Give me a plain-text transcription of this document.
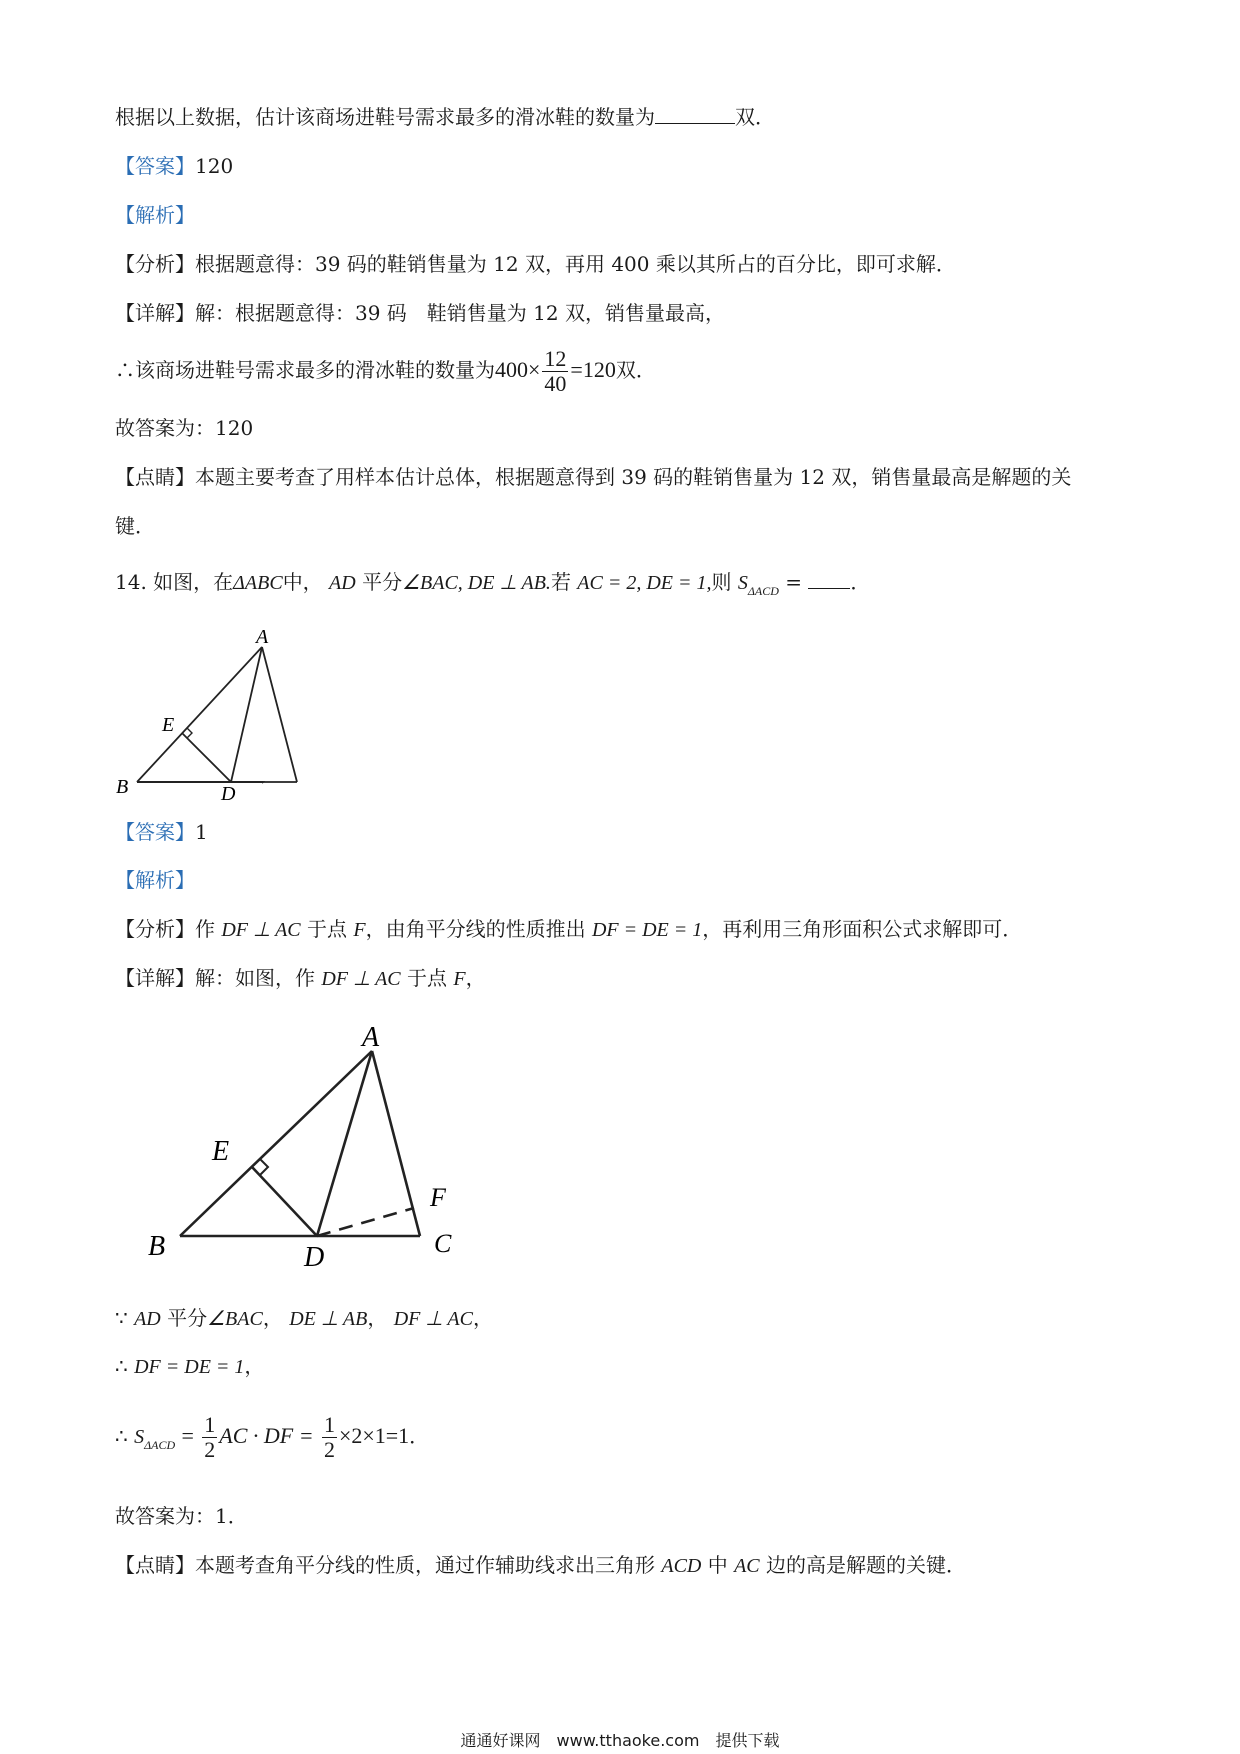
根据以上数据，估计该商场进鞋号需求最多的滑冰鞋的数量为	双．
【答案】120
【解析】
【分析】根据题意得：39 码的鞋销售量为 12 双，再用 400 乘以其所占的百分比，即可求解．
【详解】解：根据题意得：39 码　鞋销售量为 12 双，销售量最高，
∴该商场进鞋号需求最多的滑冰鞋的数量为$400\times \frac{12}{40} =120$双．
故答案为：120
【点睛】本题主要考查了用样本估计总体，根据题意得到 39 码的鞋销售量为 12 双，销售量最高是解题的关
键．
14. 如图，在ΔABC中， AD 平分∠BAC, DE ⊥ AB.若 AC = 2, DE = 1,则 $S_{\Delta ACD}$ = ．
A
B	D
E
【答案】1
【解析】
【分析】作 DF ⊥ AC 于点 F，由角平分线的性质推出 DF = DE = 1，再利用三角形面积公式求解即可．
【详解】解：如图，作 DF ⊥ AC 于点 F，
A
B	C
D
E
F
∵ AD 平分∠BAC， DE ⊥ AB， DF ⊥ AC，
∴ DF = DE = 1，
∴ $S_{\Delta ACD} = \frac{1}{2}$ AC · DF = $\frac{1}{2} \times 2\times 1=1$．
故答案为：1．
【点睛】本题考查角平分线的性质，通过作辅助线求出三角形 ACD 中 AC 边的高是解题的关键．
通通好课网　www.tthaoke.com　提供下载
